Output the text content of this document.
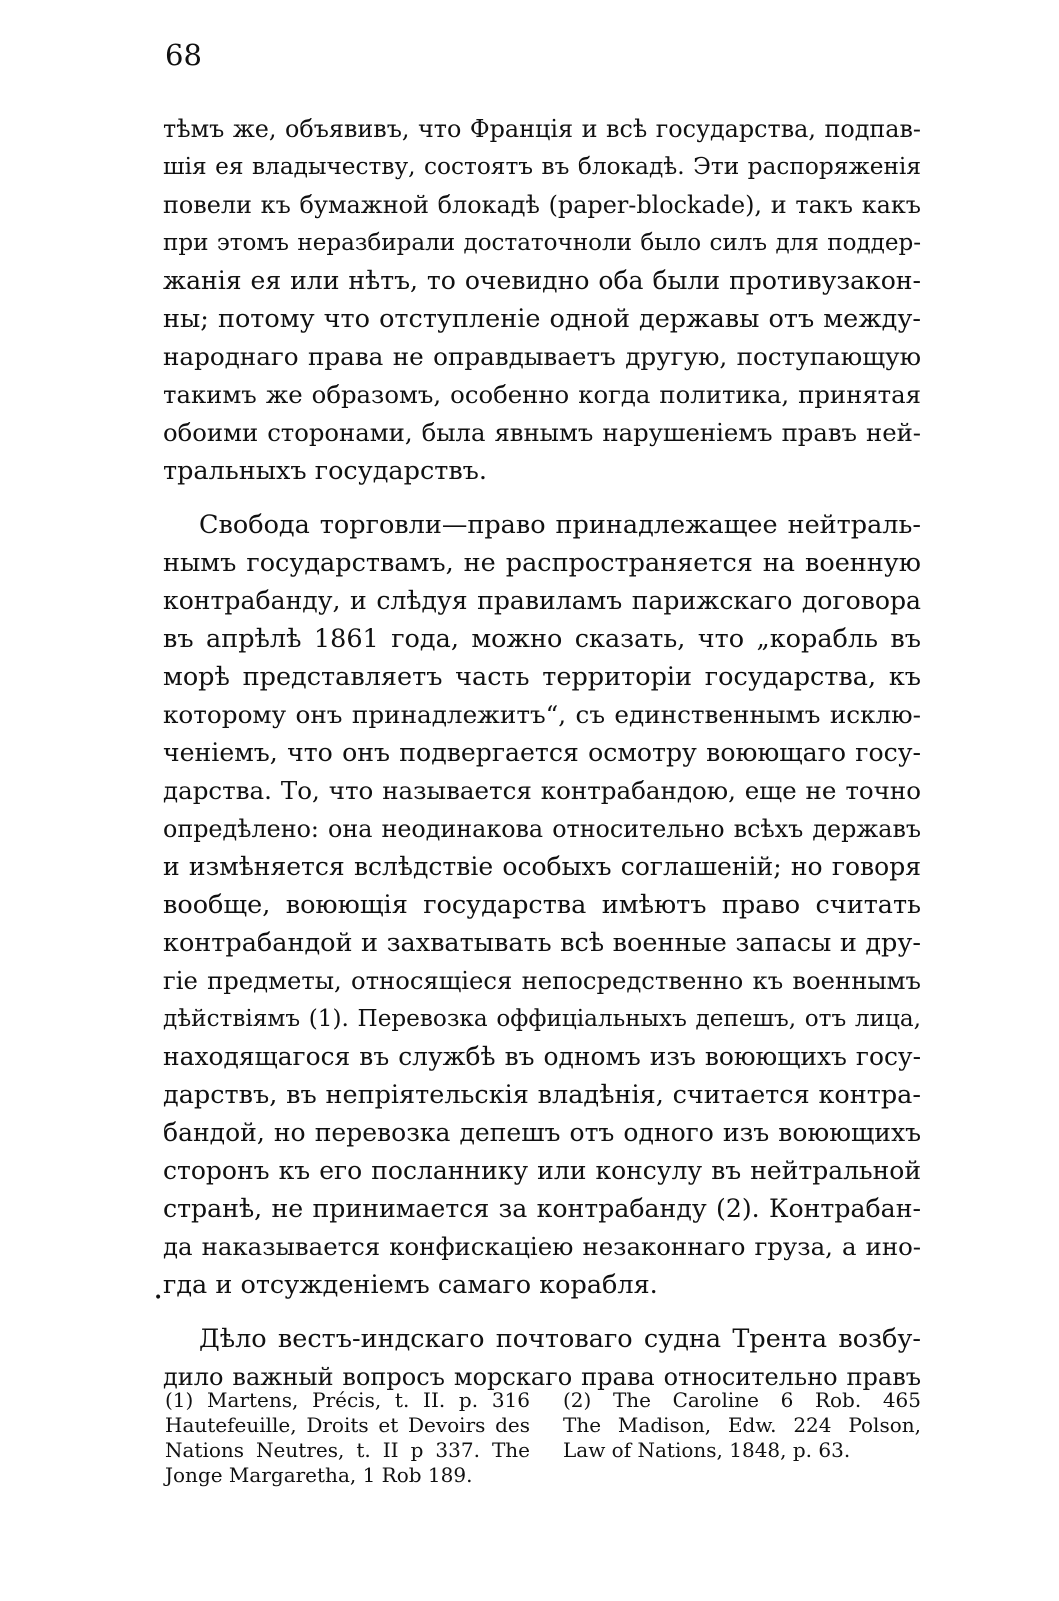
68
тѣмъ же, объявивъ, что Францiя и всѣ государства, подпав-
шiя ея владычеству, состоятъ въ блокадѣ. Эти распоряженiя
повели къ бумажной блокадѣ (paper-blockade), и такъ какъ
при этомъ неразбирали достаточноли было силъ для поддер-
жанiя ея или нѣтъ, то очевидно оба были противузакон-
ны; потому что отступленiе одной державы отъ между-
народнаго права не оправдываетъ другую, поступающую
такимъ же образомъ, особенно когда политика, принятая
обоими сторонами, была явнымъ нарушенiемъ правъ ней-
тральныхъ государствъ.
Свобода торговли—право принадлежащее нейтраль-
нымъ государствамъ, не распространяется на военную
контрабанду, и слѣдуя правиламъ парижскаго договора
въ апрѣлѣ 1861 года, можно сказать, что „корабль въ
морѣ представляетъ часть территорiи государства, къ
которому онъ принадлежитъ“, съ единственнымъ исклю-
ченiемъ, что онъ подвергается осмотру воюющаго госу-
дарства. То, что называется контрабандою, еще не точно
опредѣлено: она неодинакова относительно всѣхъ державъ
и измѣняется вслѣдствiе особыхъ соглашенiй; но говоря
вообще, воюющiя государства имѣютъ право считать
контрабандой и захватывать всѣ военные запасы и дру-
гiе предметы, относящiеся непосредственно къ военнымъ
дѣйствiямъ (1). Перевозка оффицiальныхъ депешъ, отъ лица,
находящагося въ службѣ въ одномъ изъ воюющихъ госу-
дарствъ, въ непрiятельскiя владѣнiя, считается контра-
бандой, но перевозка депешъ отъ одного изъ воюющихъ
сторонъ къ его посланнику или консулу въ нейтральной
странѣ, не принимается за контрабанду (2). Контрабан-
да наказывается конфискацiею незаконнаго груза, а ино-
гда и отсужденiемъ самаго корабля.
Дѣло вестъ-индскаго почтоваго судна Трента возбу-
дило важный вопросъ морскаго права относительно правъ
•
(1) Martens, Précis, t. II. p. 316
Hautefeuille, Droits et Devoirs des
Nations Neutres, t. II p 337. The
Jonge Margaretha, 1 Rob 189.
(2) The Caroline 6 Rob. 465
The Madison, Edw. 224 Polson,
Law of Nations, 1848, p. 63.
